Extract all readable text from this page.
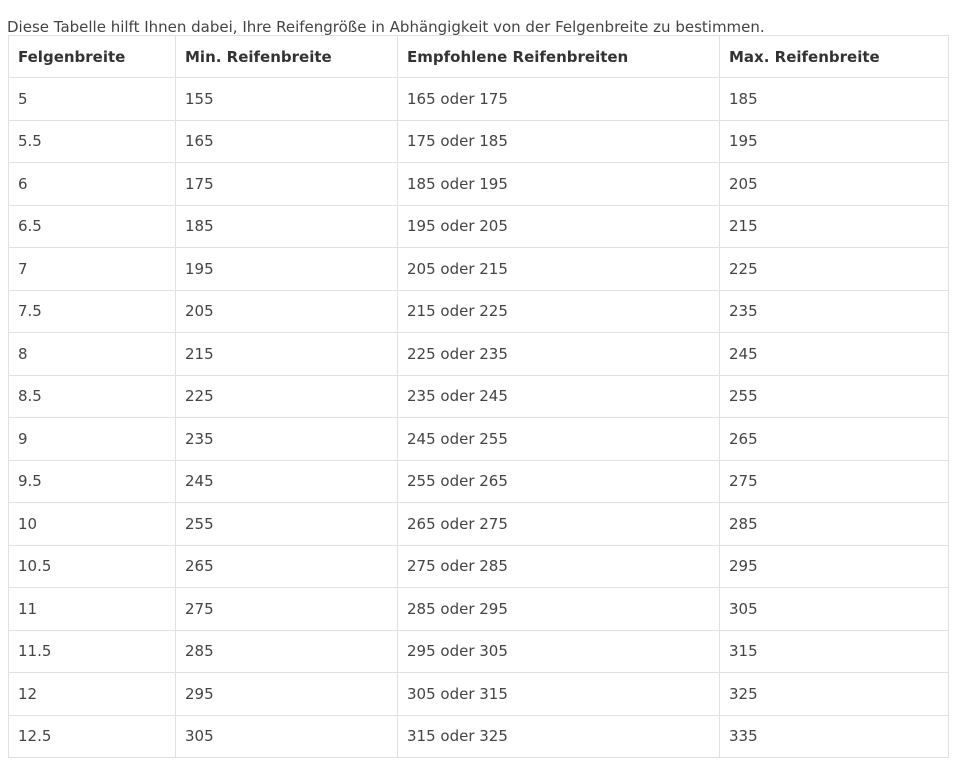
Diese Tabelle hilft Ihnen dabei, Ihre Reifengröße in Abhängigkeit von der Felgenbreite zu bestimmen.

Felgenbreite	Min. Reifenbreite	Empfohlene Reifenbreiten	Max. Reifenbreite
5	155	165 oder 175	185
5.5	165	175 oder 185	195
6	175	185 oder 195	205
6.5	185	195 oder 205	215
7	195	205 oder 215	225
7.5	205	215 oder 225	235
8	215	225 oder 235	245
8.5	225	235 oder 245	255
9	235	245 oder 255	265
9.5	245	255 oder 265	275
10	255	265 oder 275	285
10.5	265	275 oder 285	295
11	275	285 oder 295	305
11.5	285	295 oder 305	315
12	295	305 oder 315	325
12.5	305	315 oder 325	335
